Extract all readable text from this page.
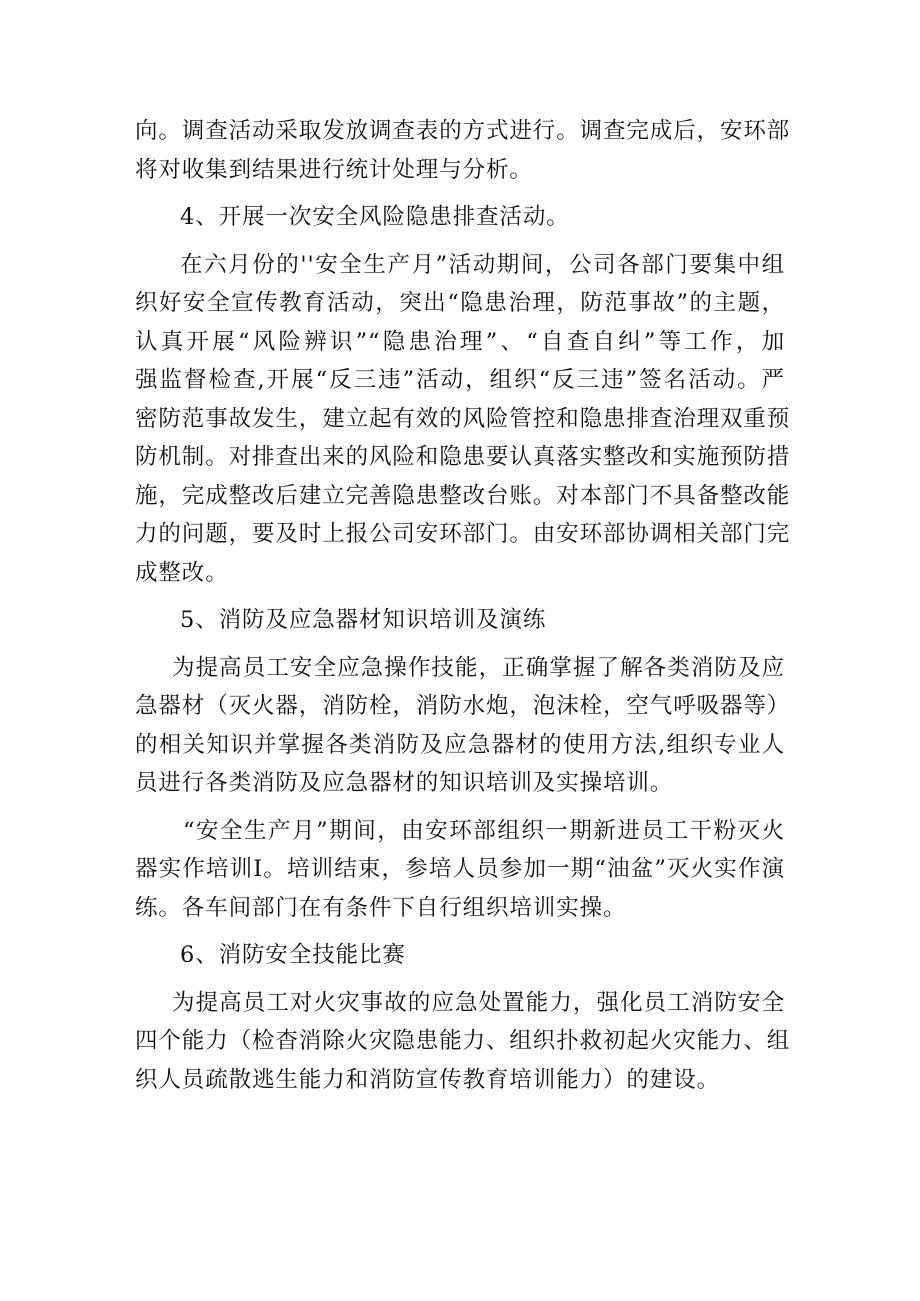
向。调查活动采取发放调查表的方式进行。调查完成后，安环部
将对收集到结果进行统计处理与分析。
4、开展一次安全风险隐患排查活动。
在六月份的''安全生产月”活动期间，公司各部门要集中组
织好安全宣传教育活动，突出“隐患治理，防范事故”的主题，
认真开展“风险辨识”“隐患治理”、“自查自纠”等工作，加
强监督检查,开展“反三违”活动，组织“反三违”签名活动。严
密防范事故发生，建立起有效的风险管控和隐患排查治理双重预
防机制。对排查出来的风险和隐患要认真落实整改和实施预防措
施，完成整改后建立完善隐患整改台账。对本部门不具备整改能
力的问题，要及时上报公司安环部门。由安环部协调相关部门完
成整改。
5、消防及应急器材知识培训及演练
为提高员工安全应急操作技能，正确掌握了解各类消防及应
急器材（灭火器，消防栓，消防水炮，泡沫栓，空气呼吸器等）
的相关知识并掌握各类消防及应急器材的使用方法,组织专业人
员进行各类消防及应急器材的知识培训及实操培训。
“安全生产月”期间，由安环部组织一期新进员工干粉灭火
器实作培训I。培训结束，参培人员参加一期“油盆”灭火实作演
练。各车间部门在有条件下自行组织培训实操。
6、消防安全技能比赛
为提高员工对火灾事故的应急处置能力，强化员工消防安全
四个能力（检杳消除火灾隐患能力、组织扑救初起火灾能力、组
织人员疏散逃生能力和消防宣传教育培训能力）的建设。
